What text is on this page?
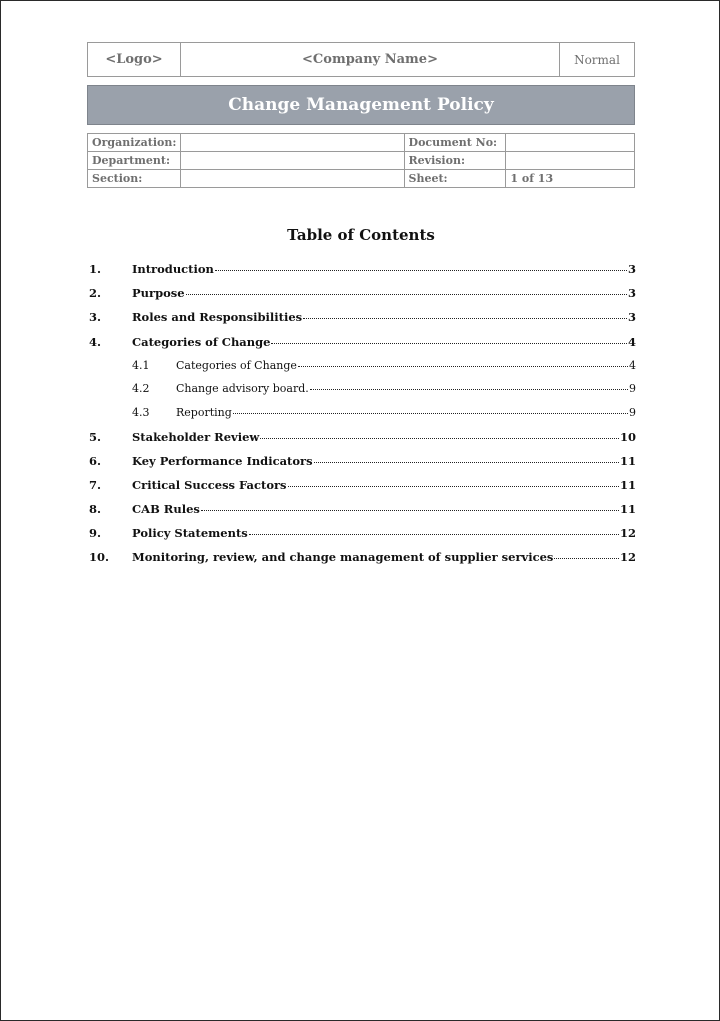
<Logo>	<Company Name>	Normal
Change Management Policy
Organization:		Document No:	
Department:		Revision:	
Section:		Sheet:	1 of 13
Table of Contents
1.	Introduction	3
2.	Purpose	3
3.	Roles and Responsibilities	3
4.	Categories of Change	4
4.1	Categories of Change	4
4.2	Change advisory board.	9
4.3	Reporting	9
5.	Stakeholder Review	10
6.	Key Performance Indicators	11
7.	Critical Success Factors	11
8.	CAB Rules	11
9.	Policy Statements	12
10.	Monitoring, review, and change management of supplier services	12
